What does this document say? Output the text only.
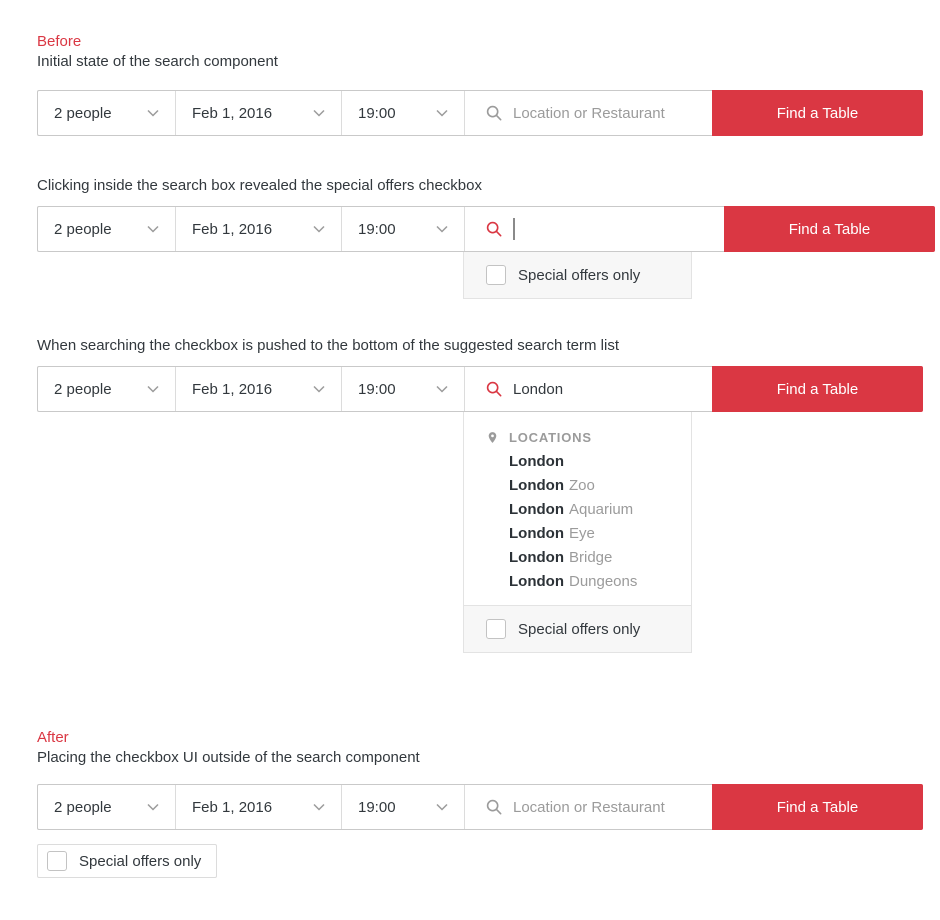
Before
Initial state of the search component
2 people	Feb 1, 2016	19:00
Location or Restaurant	Find a Table
Clicking inside the search box revealed the special offers checkbox
2 people	Feb 1, 2016	19:00	Find a Table
Special offers only
When searching the checkbox is pushed to the bottom of the suggested search term list
2 people	Feb 1, 2016	19:00
London	Find a Table
LOCATIONS
London
London Zoo
London Aquarium
London Eye
London Bridge
London Dungeons
Special offers only
After
Placing the checkbox UI outside of the search component
2 people	Feb 1, 2016	19:00
Location or Restaurant	Find a Table
Special offers only
